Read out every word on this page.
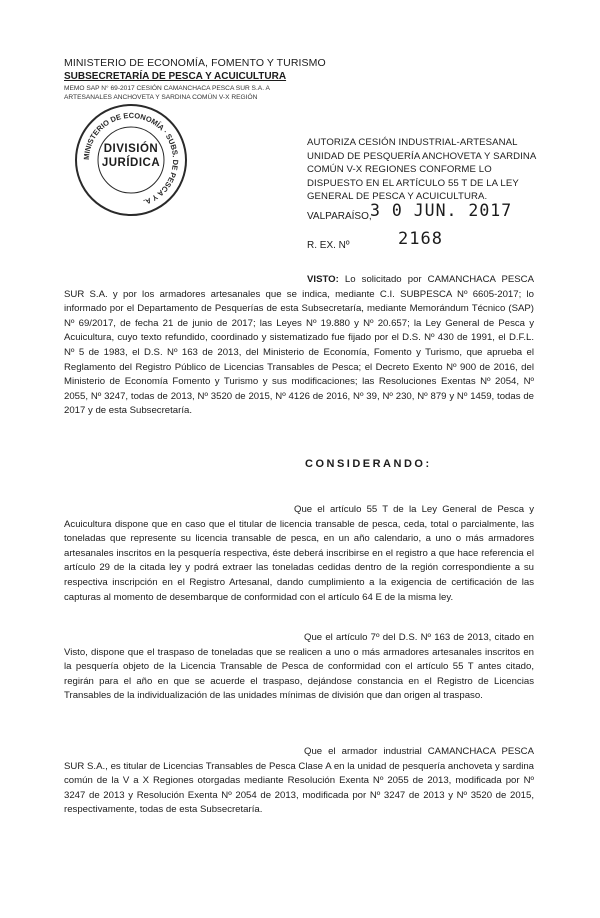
MINISTERIO DE ECONOMÍA, FOMENTO Y TURISMO
SUBSECRETARÍA DE PESCA Y ACUICULTURA
MEMO SAP N° 69-2017 CESIÓN CAMANCHACA PESCA SUR S.A. A ARTESANALES ANCHOVETA Y SARDINA COMÚN V-X REGIÓN
MINISTERIO DE ECONOMÍA · SUBS. DE PESCA Y A.
DIVISIÓN
JURÍDICA
AUTORIZA CESIÓN INDUSTRIAL-ARTESANAL UNIDAD DE PESQUERÍA ANCHOVETA Y SARDINA COMÚN V-X REGIONES CONFORME LO DISPUESTO EN EL ARTÍCULO 55 T DE LA LEY GENERAL DE PESCA Y ACUICULTURA.
VALPARAÍSO,
3 0 JUN. 2017
R. EX. Nº	2168
VISTO: Lo solicitado por CAMANCHACA PESCA SUR S.A. y por los armadores artesanales que se indica, mediante C.I. SUBPESCA Nº 6605-2017; lo informado por el Departamento de Pesquerías de esta Subsecretaría, mediante Memorándum Técnico (SAP) Nº 69/2017, de fecha 21 de junio de 2017; las Leyes Nº 19.880 y Nº 20.657; la Ley General de Pesca y Acuicultura, cuyo texto refundido, coordinado y sistematizado fue fijado por el D.S. Nº 430 de 1991, el D.F.L. Nº 5 de 1983, el D.S. Nº 163 de 2013, del Ministerio de Economía, Fomento y Turismo, que aprueba el Reglamento del Registro Público de Licencias Transables de Pesca; el Decreto Exento Nº 900 de 2016, del Ministerio de Economía Fomento y Turismo y sus modificaciones; las Resoluciones Exentas Nº 2054, Nº 2055, Nº 3247, todas de 2013, Nº 3520 de 2015, Nº 4126 de 2016, Nº 39, Nº 230, Nº 879 y Nº 1459, todas de 2017 y de esta Subsecretaría.
CONSIDERANDO:
Que el artículo 55 T de la Ley General de Pesca y Acuicultura dispone que en caso que el titular de licencia transable de pesca, ceda, total o parcialmente, las toneladas que represente su licencia transable de pesca, en un año calendario, a uno o más armadores artesanales inscritos en la pesquería respectiva, éste deberá inscribirse en el registro a que hace referencia el artículo 29 de la citada ley y podrá extraer las toneladas cedidas dentro de la región correspondiente a su respectiva inscripción en el Registro Artesanal, dando cumplimiento a la exigencia de certificación de las capturas al momento de desembarque de conformidad con el artículo 64 E de la misma ley.
Que el artículo 7º del D.S. Nº 163 de 2013, citado en Visto, dispone que el traspaso de toneladas que se realicen a uno o más armadores artesanales inscritos en la pesquería objeto de la Licencia Transable de Pesca de conformidad con el artículo 55 T antes citado, regirán para el año en que se acuerde el traspaso, dejándose constancia en el Registro de Licencias Transables de la individualización de las unidades mínimas de división que dan origen al traspaso.
Que el armador industrial CAMANCHACA PESCA SUR S.A., es titular de Licencias Transables de Pesca Clase A en la unidad de pesquería anchoveta y sardina común de la V a X Regiones otorgadas mediante Resolución Exenta Nº 2055 de 2013, modificada por Nº 3247 de 2013 y Resolución Exenta Nº 2054 de 2013, modificada por Nº 3247 de 2013 y Nº 3520 de 2015, respectivamente, todas de esta Subsecretaría.
